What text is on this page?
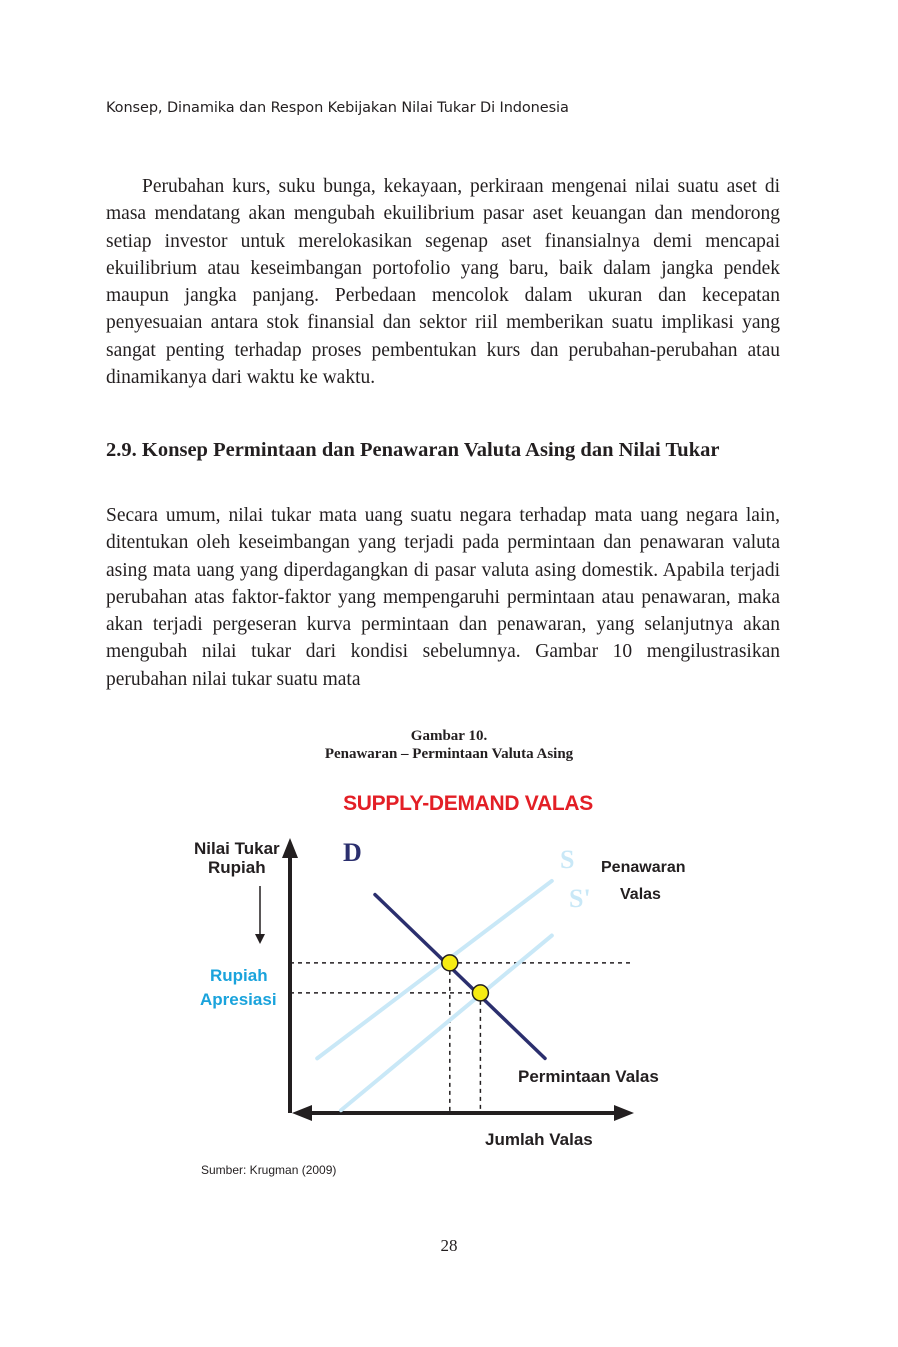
Konsep, Dinamika dan Respon Kebijakan Nilai Tukar Di Indonesia

Perubahan kurs, suku bunga, kekayaan, perkiraan mengenai nilai suatu aset di masa mendatang akan mengubah ekuilibrium pasar aset keuangan dan mendorong setiap investor untuk merelokasikan segenap aset finansialnya demi mencapai ekuilibrium atau keseimbangan portofolio yang baru, baik dalam jangka pendek maupun jangka panjang. Perbedaan mencolok dalam ukuran dan kecepatan penyesuaian antara stok finansial dan sektor riil memberikan suatu implikasi yang sangat penting terhadap proses pembentukan kurs dan perubahan-perubahan atau dinamikanya dari waktu ke waktu.

2.9. Konsep Permintaan dan Penawaran Valuta Asing dan Nilai Tukar

Secara umum, nilai tukar mata uang suatu negara terhadap mata uang negara lain, ditentukan oleh keseimbangan yang terjadi pada permintaan dan penawaran valuta asing mata uang yang diperdagangkan di pasar valuta asing domestik. Apabila terjadi perubahan atas faktor-faktor yang mempengaruhi permintaan atau penawaran, maka akan terjadi pergeseran kurva permintaan dan penawaran, yang selanjutnya akan mengubah nilai tukar dari kondisi sebelumnya. Gambar 10 mengilustrasikan perubahan nilai tukar suatu mata

Gambar 10.
Penawaran – Permintaan Valuta Asing
SUPPLY-DEMAND VALAS
Nilai Tukar
Rupiah
Rupiah
Apresiasi
D	S
S'
Penawaran
Valas
Permintaan Valas
Jumlah Valas
Sumber: Krugman (2009)
28
